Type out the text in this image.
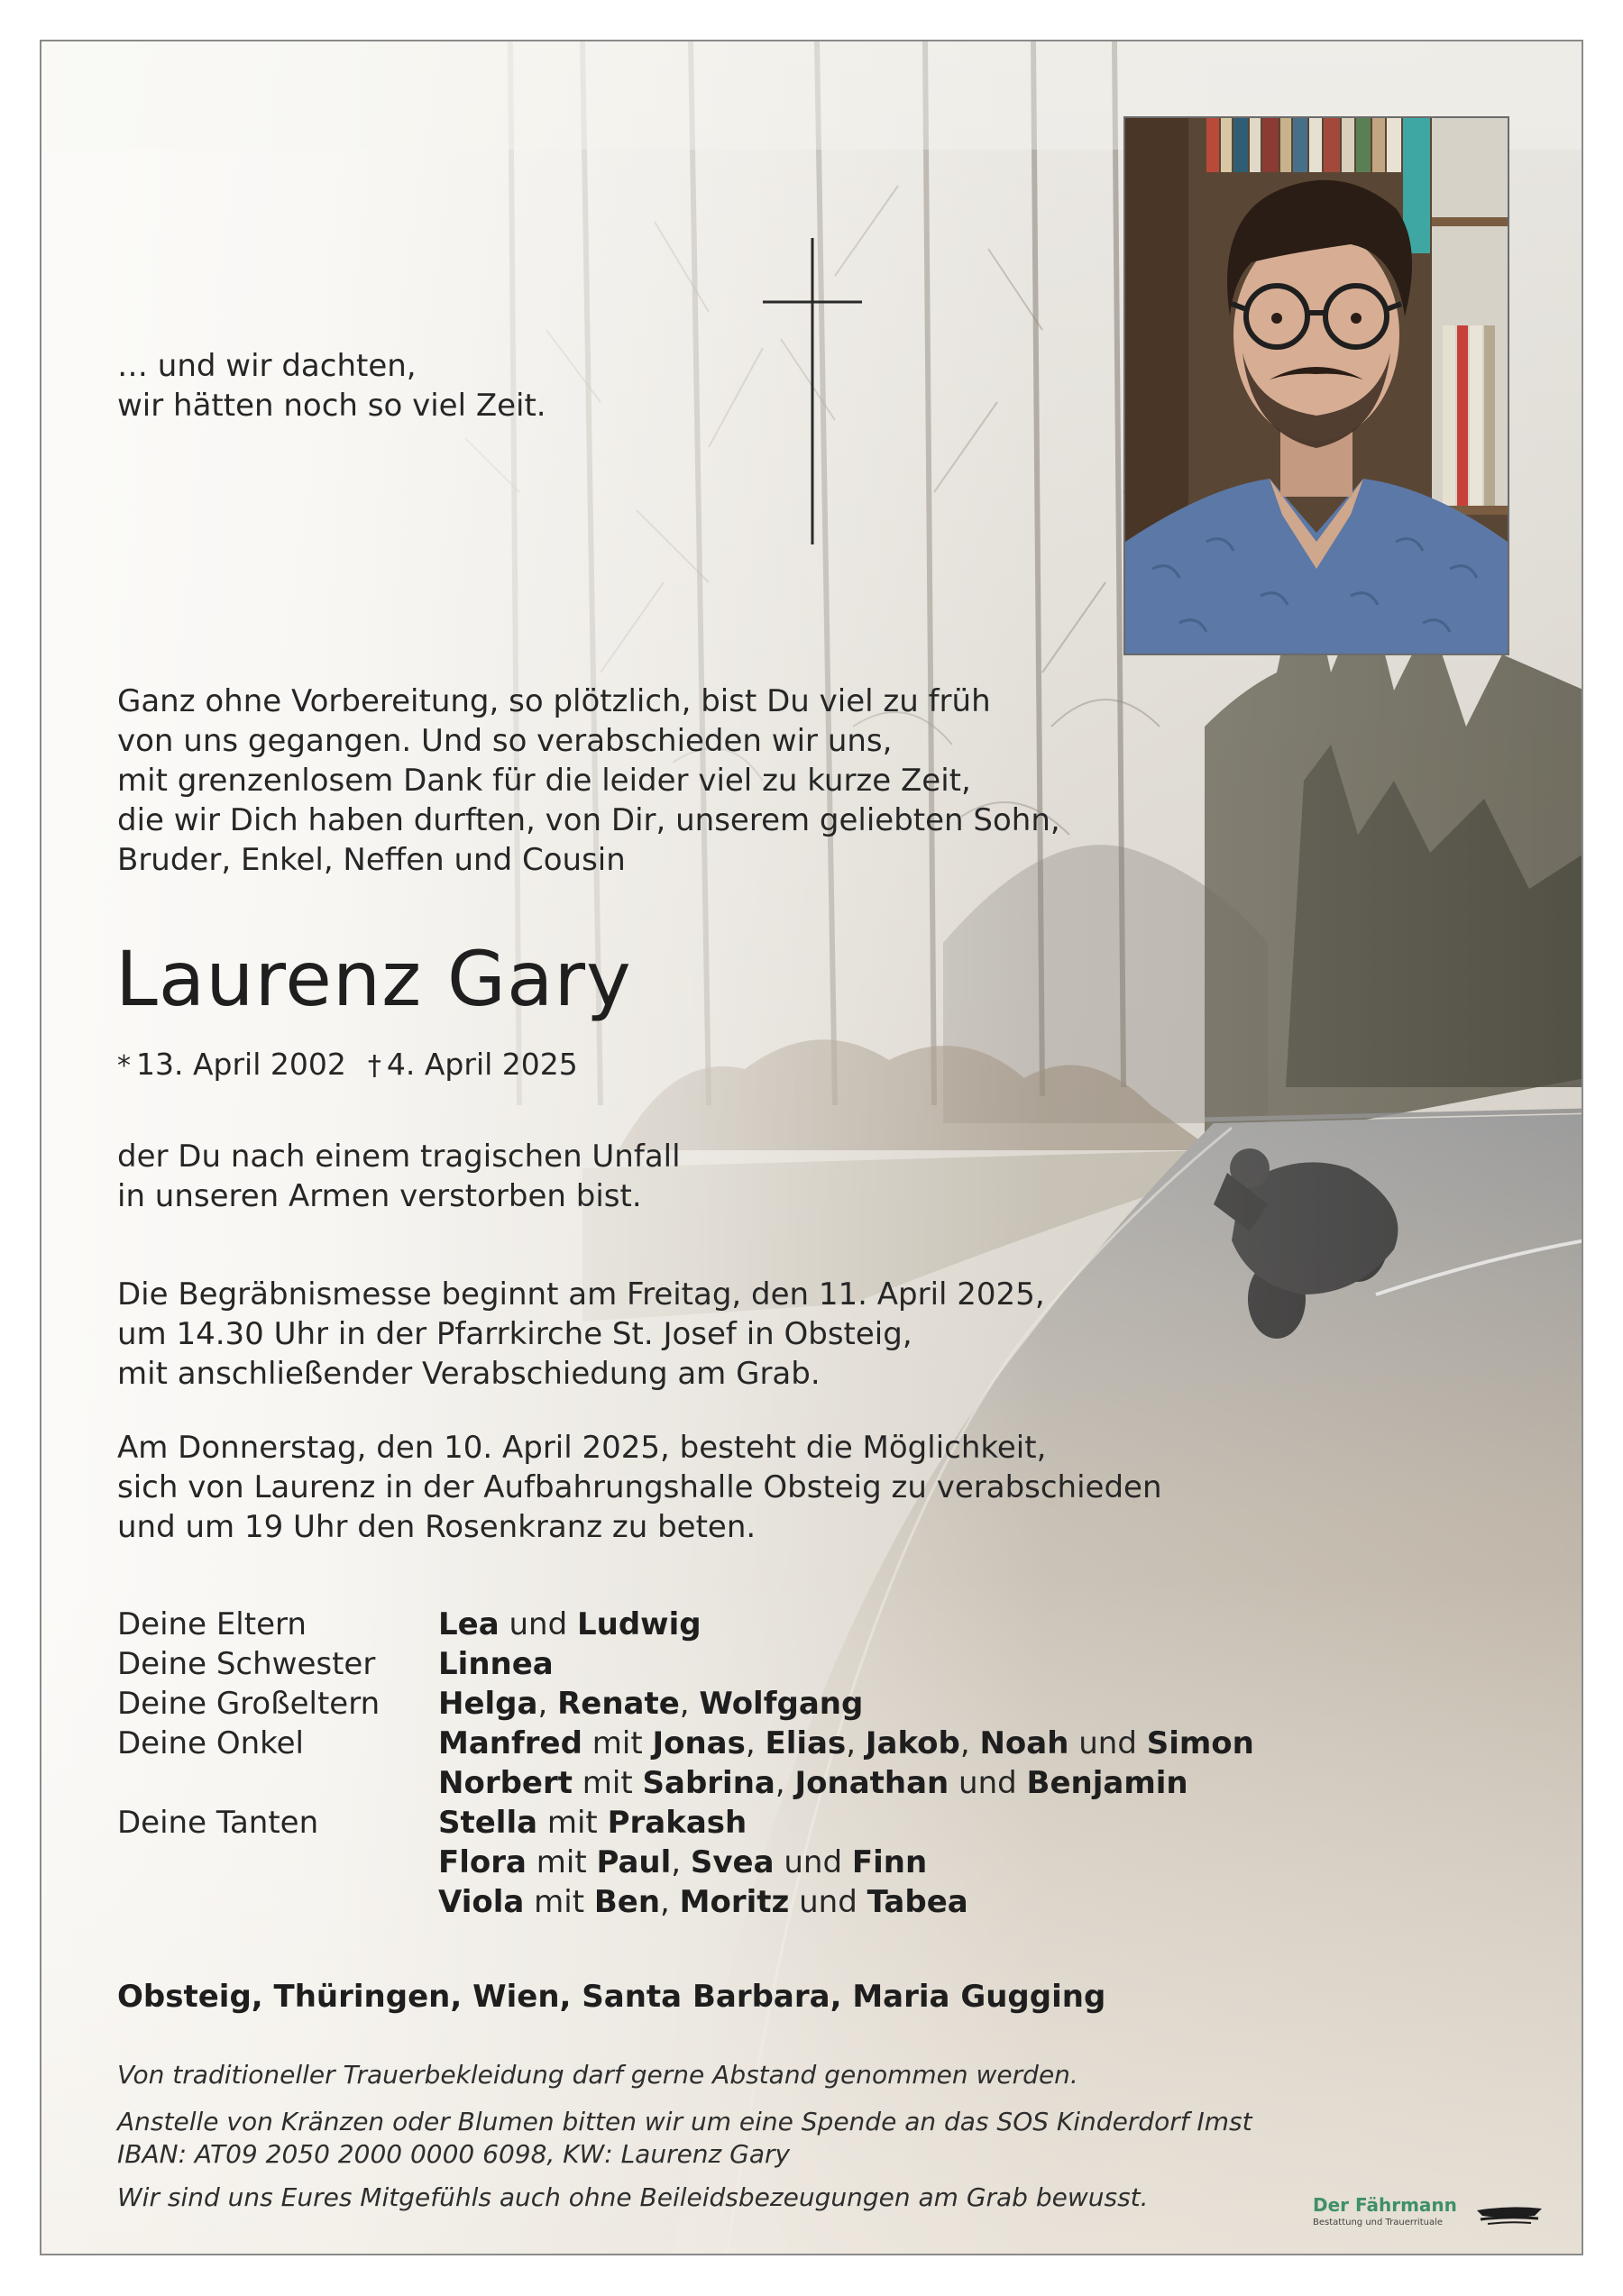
… und wir dachten,
wir hätten noch so viel Zeit.
Ganz ohne Vorbereitung, so plötzlich, bist Du viel zu früh
von uns gegangen. Und so verabschieden wir uns,
mit grenzenlosem Dank für die leider viel zu kurze Zeit,
die wir Dich haben durften, von Dir, unserem geliebten Sohn,
Bruder, Enkel, Neffen und Cousin
Laurenz Gary
* 13. April 2002 † 4. April 2025
der Du nach einem tragischen Unfall
in unseren Armen verstorben bist.
Die Begräbnismesse beginnt am Freitag, den 11. April 2025,
um 14.30 Uhr in der Pfarrkirche St. Josef in Obsteig,
mit anschließender Verabschiedung am Grab.
Am Donnerstag, den 10. April 2025, besteht die Möglichkeit,
sich von Laurenz in der Aufbahrungshalle Obsteig zu verabschieden
und um 19 Uhr den Rosenkranz zu beten.
Deine Eltern	Lea und Ludwig
Deine Schwester	Linnea
Deine Großeltern	Helga, Renate, Wolfgang
Deine Onkel	Manfred mit Jonas, Elias, Jakob, Noah und Simon
Norbert mit Sabrina, Jonathan und Benjamin
Deine Tanten	Stella mit Prakash
Flora mit Paul, Svea und Finn
Viola mit Ben, Moritz und Tabea
Obsteig, Thüringen, Wien, Santa Barbara, Maria Gugging
Von traditioneller Trauerbekleidung darf gerne Abstand genommen werden.
Anstelle von Kränzen oder Blumen bitten wir um eine Spende an das SOS Kinderdorf Imst
IBAN: AT09 2050 2000 0000 6098, KW: Laurenz Gary
Wir sind uns Eures Mitgefühls auch ohne Beileidsbezeugungen am Grab bewusst.	Der Fährmann
Bestattung und Trauerrituale
